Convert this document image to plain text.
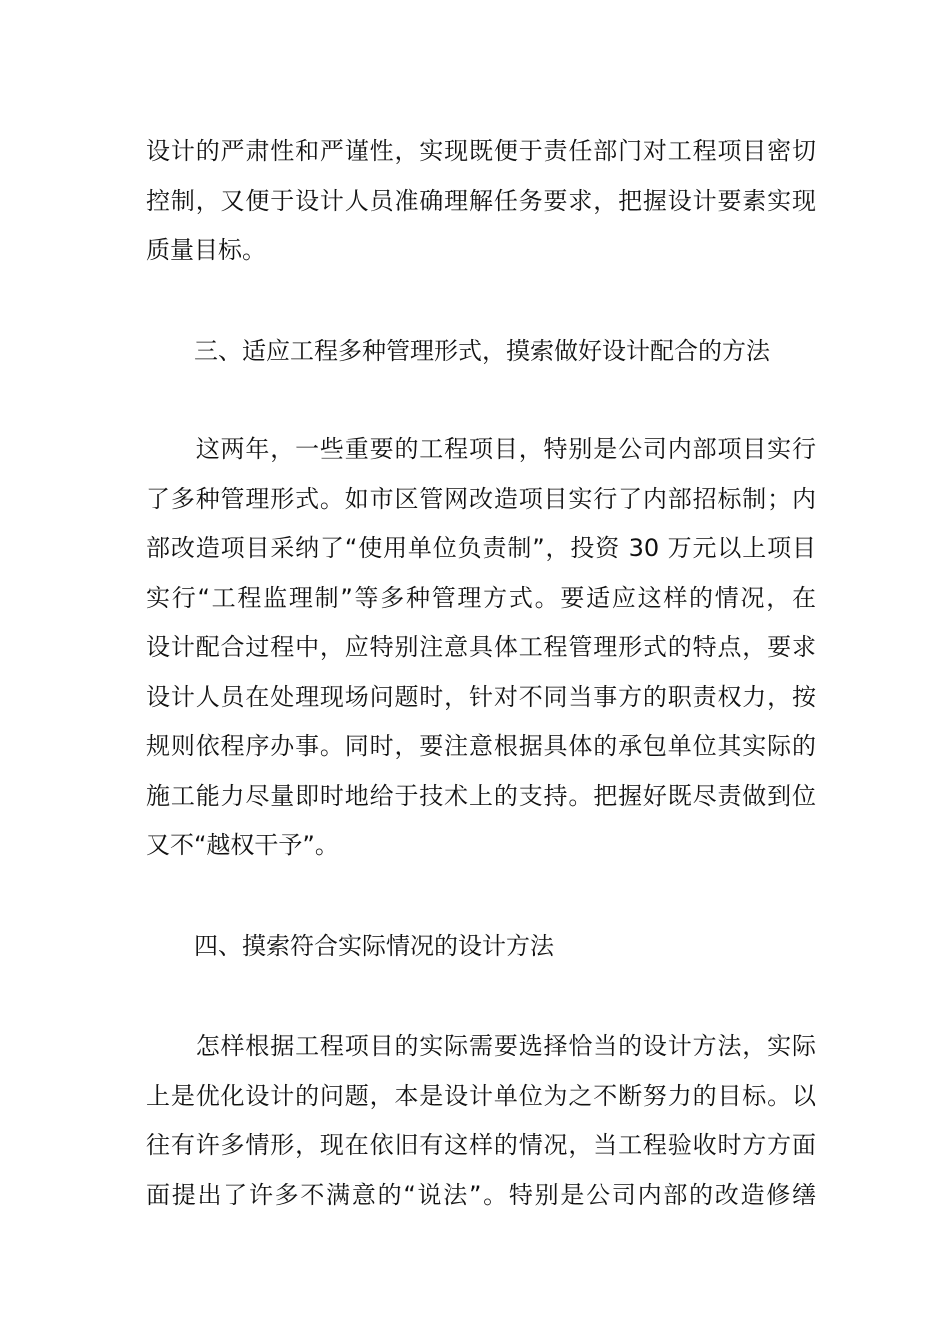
设计的严肃性和严谨性，实现既便于责任部门对工程项目密切
控制，又便于设计人员准确理解任务要求，把握设计要素实现
质量目标。
三、适应工程多种管理形式，摸索做好设计配合的方法
　　这两年，一些重要的工程项目，特别是公司内部项目实行
了多种管理形式。如市区管网改造项目实行了内部招标制；内
部改造项目采纳了“使用单位负责制”，投资 30 万元以上项目
实行“工程监理制”等多种管理方式。要适应这样的情况，在
设计配合过程中，应特别注意具体工程管理形式的特点，要求
设计人员在处理现场问题时，针对不同当事方的职责权力，按
规则依程序办事。同时，要注意根据具体的承包单位其实际的
施工能力尽量即时地给于技术上的支持。把握好既尽责做到位
又不“越权干予”。
四、摸索符合实际情况的设计方法
　　怎样根据工程项目的实际需要选择恰当的设计方法，实际
上是优化设计的问题，本是设计单位为之不断努力的目标。以
往有许多情形，现在依旧有这样的情况，当工程验收时方方面
面提出了许多不满意的“说法”。特别是公司内部的改造修缮
